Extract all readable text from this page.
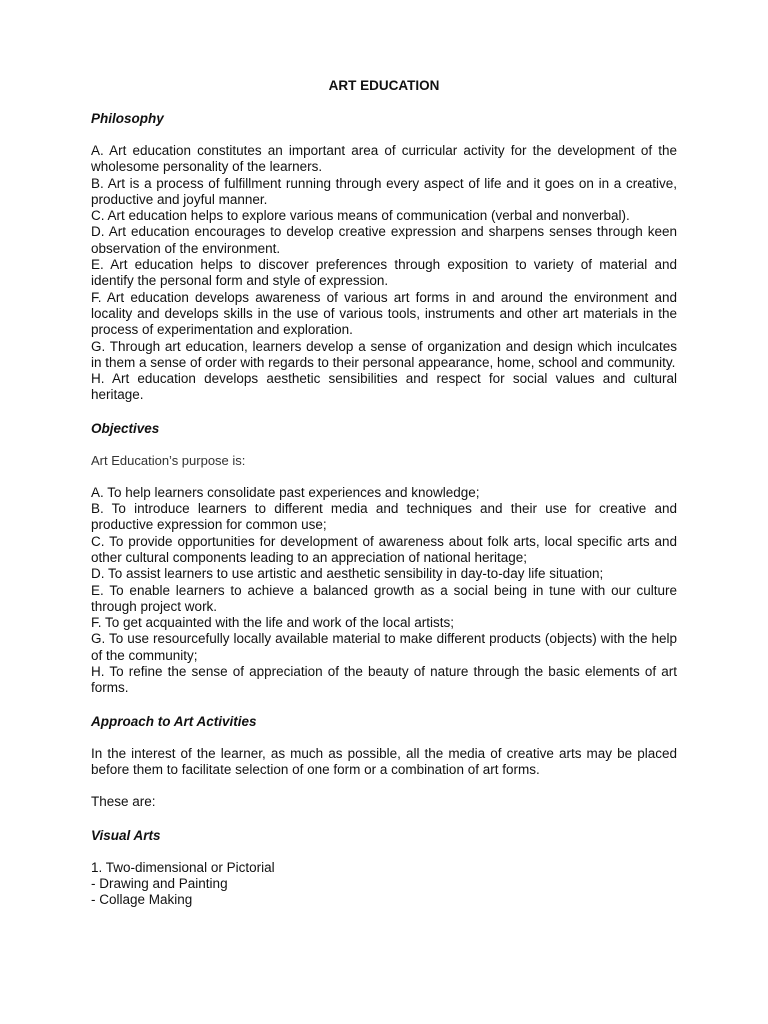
ART EDUCATION

Philosophy

A. Art education constitutes an important area of curricular activity for the development of the wholesome personality of the learners.

B. Art is a process of fulfillment running through every aspect of life and it goes on in a creative, productive and joyful manner.

C. Art education helps to explore various means of communication (verbal and nonverbal).

D. Art education encourages to develop creative expression and sharpens senses through keen observation of the environment.

E. Art education helps to discover preferences through exposition to variety of material and identify the personal form and style of expression.

F. Art education develops awareness of various art forms in and around the environment and locality and develops skills in the use of various tools, instruments and other art materials in the process of experimentation and exploration.

G. Through art education, learners develop a sense of organization and design which inculcates in them a sense of order with regards to their personal appearance, home, school and community.

H. Art education develops aesthetic sensibilities and respect for social values and cultural heritage.

Objectives

Art Education’s purpose is:

A. To help learners consolidate past experiences and knowledge;

B. To introduce learners to different media and techniques and their use for creative and productive expression for common use;

C. To provide opportunities for development of awareness about folk arts, local specific arts and other cultural components leading to an appreciation of national heritage;

D. To assist learners to use artistic and aesthetic sensibility in day-to-day life situation;

E. To enable learners to achieve a balanced growth as a social being in tune with our culture through project work.

F. To get acquainted with the life and work of the local artists;

G. To use resourcefully locally available material to make different products (objects) with the help of the community;

H. To refine the sense of appreciation of the beauty of nature through the basic elements of art forms.

Approach to Art Activities

In the interest of the learner, as much as possible, all the media of creative arts may be placed before them to facilitate selection of one form or a combination of art forms.

These are:

Visual Arts

1. Two-dimensional or Pictorial

- Drawing and Painting

- Collage Making
